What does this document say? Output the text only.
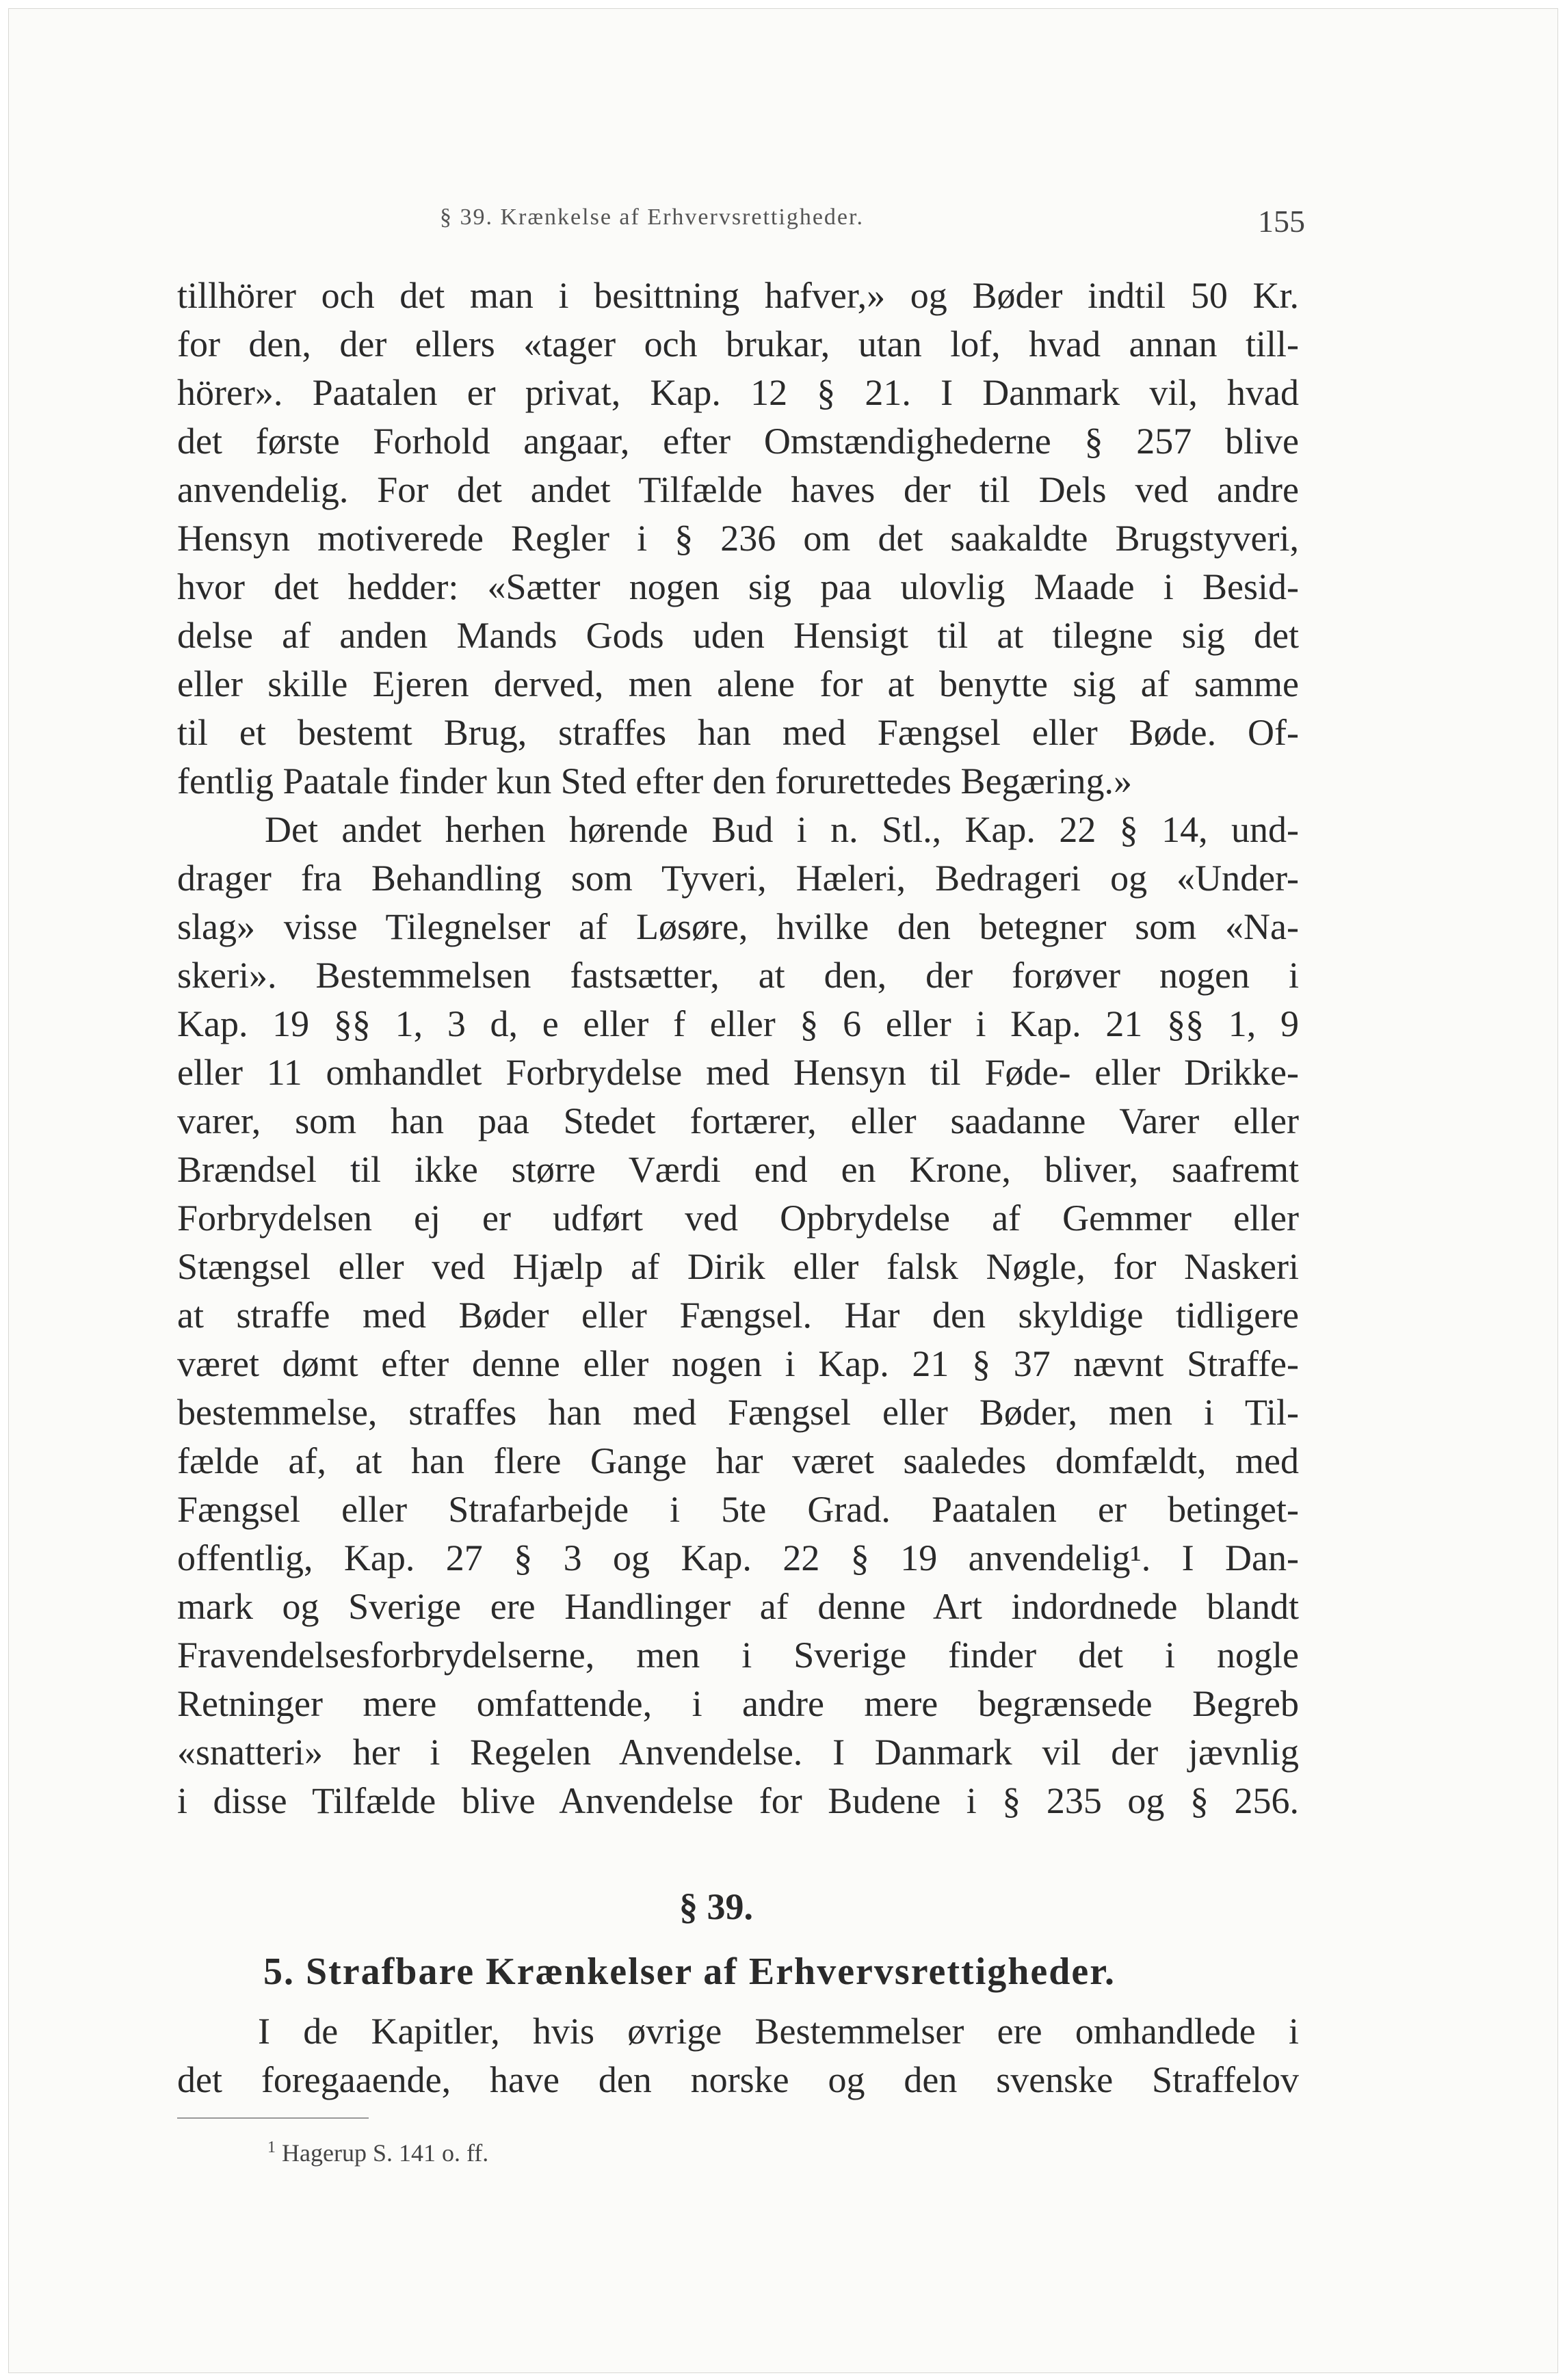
§ 39. Krænkelse af Erhvervsrettigheder.	155
tillhörer och det man i besittning hafver,» og Bøder indtil 50 Kr.
for den, der ellers «tager och brukar, utan lof, hvad annan till-
hörer». Paatalen er privat, Kap. 12 § 21. I Danmark vil, hvad
det første Forhold angaar, efter Omstændighederne § 257 blive
anvendelig. For det andet Tilfælde haves der til Dels ved andre
Hensyn motiverede Regler i § 236 om det saakaldte Brugstyveri,
hvor det hedder: «Sætter nogen sig paa ulovlig Maade i Besid-
delse af anden Mands Gods uden Hensigt til at tilegne sig det
eller skille Ejeren derved, men alene for at benytte sig af samme
til et bestemt Brug, straffes han med Fængsel eller Bøde. Of-
fentlig Paatale finder kun Sted efter den forurettedes Begæring.»
Det andet herhen hørende Bud i n. Stl., Kap. 22 § 14, und-
drager fra Behandling som Tyveri, Hæleri, Bedrageri og «Under-
slag» visse Tilegnelser af Løsøre, hvilke den betegner som «Na-
skeri». Bestemmelsen fastsætter, at den, der forøver nogen i
Kap. 19 §§ 1, 3 d, e eller f eller § 6 eller i Kap. 21 §§ 1, 9
eller 11 omhandlet Forbrydelse med Hensyn til Føde- eller Drikke-
varer, som han paa Stedet fortærer, eller saadanne Varer eller
Brændsel til ikke større Værdi end en Krone, bliver, saafremt
Forbrydelsen ej er udført ved Opbrydelse af Gemmer eller
Stængsel eller ved Hjælp af Dirik eller falsk Nøgle, for Naskeri
at straffe med Bøder eller Fængsel. Har den skyldige tidligere
været dømt efter denne eller nogen i Kap. 21 § 37 nævnt Straffe-
bestemmelse, straffes han med Fængsel eller Bøder, men i Til-
fælde af, at han flere Gange har været saaledes domfældt, med
Fængsel eller Strafarbejde i 5te Grad. Paatalen er betinget-
offentlig, Kap. 27 § 3 og Kap. 22 § 19 anvendelig¹. I Dan-
mark og Sverige ere Handlinger af denne Art indordnede blandt
Fravendelsesforbrydelserne, men i Sverige finder det i nogle
Retninger mere omfattende, i andre mere begrænsede Begreb
«snatteri» her i Regelen Anvendelse. I Danmark vil der jævnlig
i disse Tilfælde blive Anvendelse for Budene i § 235 og § 256.
§ 39.
5. Strafbare Krænkelser af Erhvervsrettigheder.
I de Kapitler, hvis øvrige Bestemmelser ere omhandlede i
det foregaaende, have den norske og den svenske Straffelov
$^1$ Hagerup S. 141 o. ff.
